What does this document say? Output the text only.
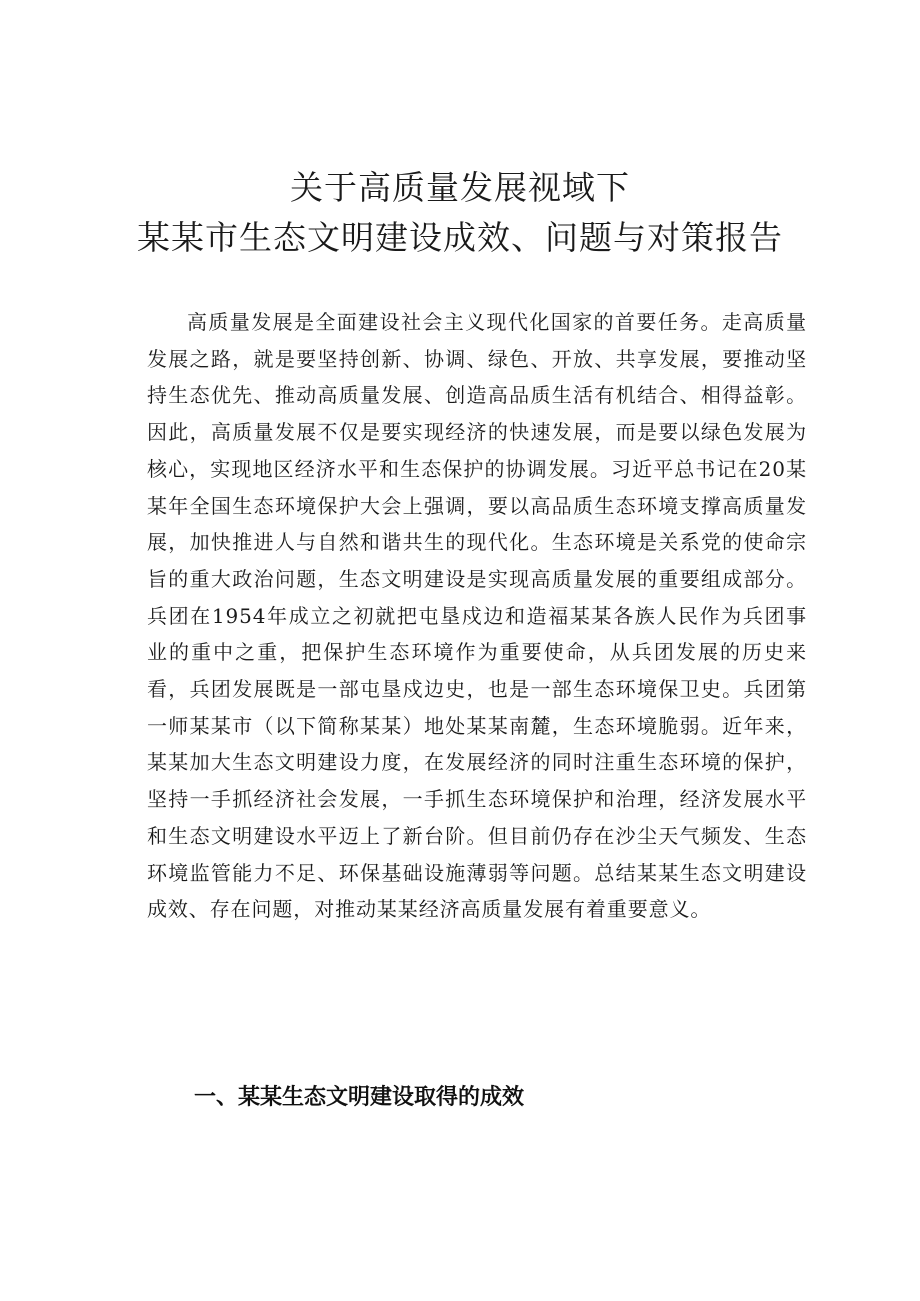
关于高质量发展视域下
某某市生态文明建设成效、问题与对策报告

高质量发展是全面建设社会主义现代化国家的首要任务。走高质量发展之路，就是要坚持创新、协调、绿色、开放、共享发展，要推动坚持生态优先、推动高质量发展、创造高品质生活有机结合、相得益彰。因此，高质量发展不仅是要实现经济的快速发展，而是要以绿色发展为核心，实现地区经济水平和生态保护的协调发展。习近平总书记在20某某年全国生态环境保护大会上强调，要以高品质生态环境支撑高质量发展，加快推进人与自然和谐共生的现代化。生态环境是关系党的使命宗旨的重大政治问题，生态文明建设是实现高质量发展的重要组成部分。兵团在1954年成立之初就把屯垦戍边和造福某某各族人民作为兵团事业的重中之重，把保护生态环境作为重要使命，从兵团发展的历史来看，兵团发展既是一部屯垦戍边史，也是一部生态环境保卫史。兵团第一师某某市（以下简称某某）地处某某南麓，生态环境脆弱。近年来，某某加大生态文明建设力度，在发展经济的同时注重生态环境的保护，坚持一手抓经济社会发展，一手抓生态环境保护和治理，经济发展水平和生态文明建设水平迈上了新台阶。但目前仍存在沙尘天气频发、生态环境监管能力不足、环保基础设施薄弱等问题。总结某某生态文明建设成效、存在问题，对推动某某经济高质量发展有着重要意义。

一、某某生态文明建设取得的成效
